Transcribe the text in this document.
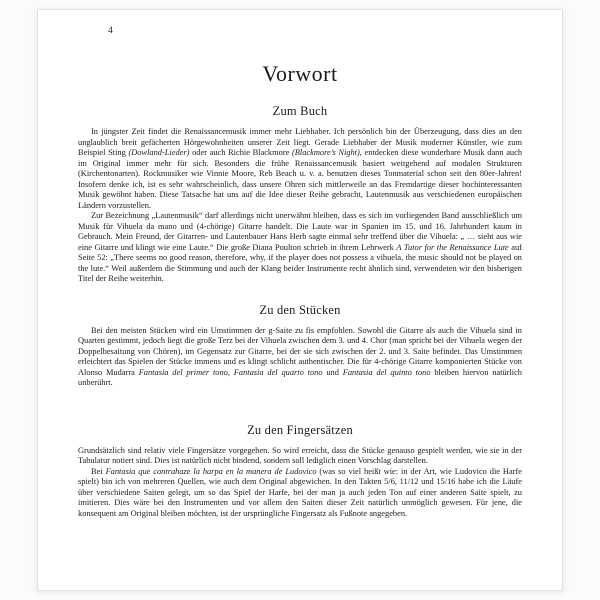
4
Vorwort
Zum Buch

In jüngster Zeit findet die Renaissancemusik immer mehr Liebhaber. Ich persönlich bin der Überzeugung, dass dies an den unglaublich breit gefächerten Hörgewohnheiten unserer Zeit liegt. Gerade Liebhaber der Musik moderner Künstler, wie zum Beispiel Sting (Dowland-Lieder) oder auch Richie Blackmore (Blackmore’s Night), entdecken diese wunderbare Musik dann auch im Original immer mehr für sich. Besonders die frühe Renaissancemusik basiert weitgehend auf modalen Strukturen (Kirchentonarten). Rockmusiker wie Vinnie Moore, Reb Beach u. v. a. benutzen dieses Tonmaterial schon seit den 80er-Jahren! Insofern denke ich, ist es sehr wahrscheinlich, dass unsere Ohren sich mittlerweile an das Fremdartige dieser hochinteressanten Musik gewöhnt haben. Diese Tatsache hat uns auf die Idee dieser Reihe gebracht, Lautenmusik aus verschiedenen europäischen Ländern vorzustellen.

Zur Bezeichnung „Lautenmusik“ darf allerdings nicht unerwähnt bleiben, dass es sich im vorliegenden Band ausschließlich um Musik für Vihuela da mano und (4-chörige) Gitarre handelt. Die Laute war in Spanien im 15. und 16. Jahrhundert kaum in Gebrauch. Mein Freund, der Gitarren- und Lautenbauer Hans Herb sagte einmal sehr treffend über die Vihuela: „ … sieht aus wie eine Gitarre und klingt wie eine Laute.“ Die große Diana Poulton schrieb in ihrem Lehrwerk A Tutor for the Renaissance Lute auf Seite 52: „There seems no good reason, therefore, why, if the player does not possess a vihuela, the music should not be played on the lute.“ Weil außerdem die Stimmung und auch der Klang beider Instrumente recht ähnlich sind, verwendeten wir den bisherigen Titel der Reihe weiterhin.

Zu den Stücken

Bei den meisten Stücken wird ein Umstimmen der g-Saite zu fis empfohlen. Sowohl die Gitarre als auch die Vihuela sind in Quarten gestimmt, jedoch liegt die große Terz bei der Vihuela zwischen dem 3. und 4. Chor (man spricht bei der Vihuela wegen der Doppelbesaitung von Chören), im Gegensatz zur Gitarre, bei der sie sich zwischen der 2. und 3. Saite befindet. Das Umstimmen erleichtert das Spielen der Stücke immens und es klingt schlicht authentischer. Die für 4-chörige Gitarre komponierten Stücke von Alonso Mudarra Fantasia del primer tono, Fantasia del quarto tono und Fantasia del quinto tono bleiben hiervon natürlich unberührt.

Zu den Fingersätzen

Grundsätzlich sind relativ viele Fingersätze vorgegeben. So wird erreicht, dass die Stücke genauso gespielt werden, wie sie in der Tabulatur notiert sind. Dies ist natürlich nicht bindend, sondern soll lediglich einen Vorschlag darstellen.

Bei Fantasia que contrahaze la harpa en la manera de Ludovico (was so viel heißt wie: in der Art, wie Ludovico die Harfe spielt) bin ich von mehreren Quellen, wie auch dem Original abgewichen. In den Takten 5/6, 11/12 und 15/16 habe ich die Läufe über verschiedene Saiten gelegt, um so das Spiel der Harfe, bei der man ja auch jeden Ton auf einer anderen Saite spielt, zu imitieren. Dies wäre bei den Instrumenten und vor allem den Saiten dieser Zeit natürlich unmöglich gewesen. Für jene, die konsequent am Original bleiben möchten, ist der ursprüngliche Fingersatz als Fußnote angegeben.
